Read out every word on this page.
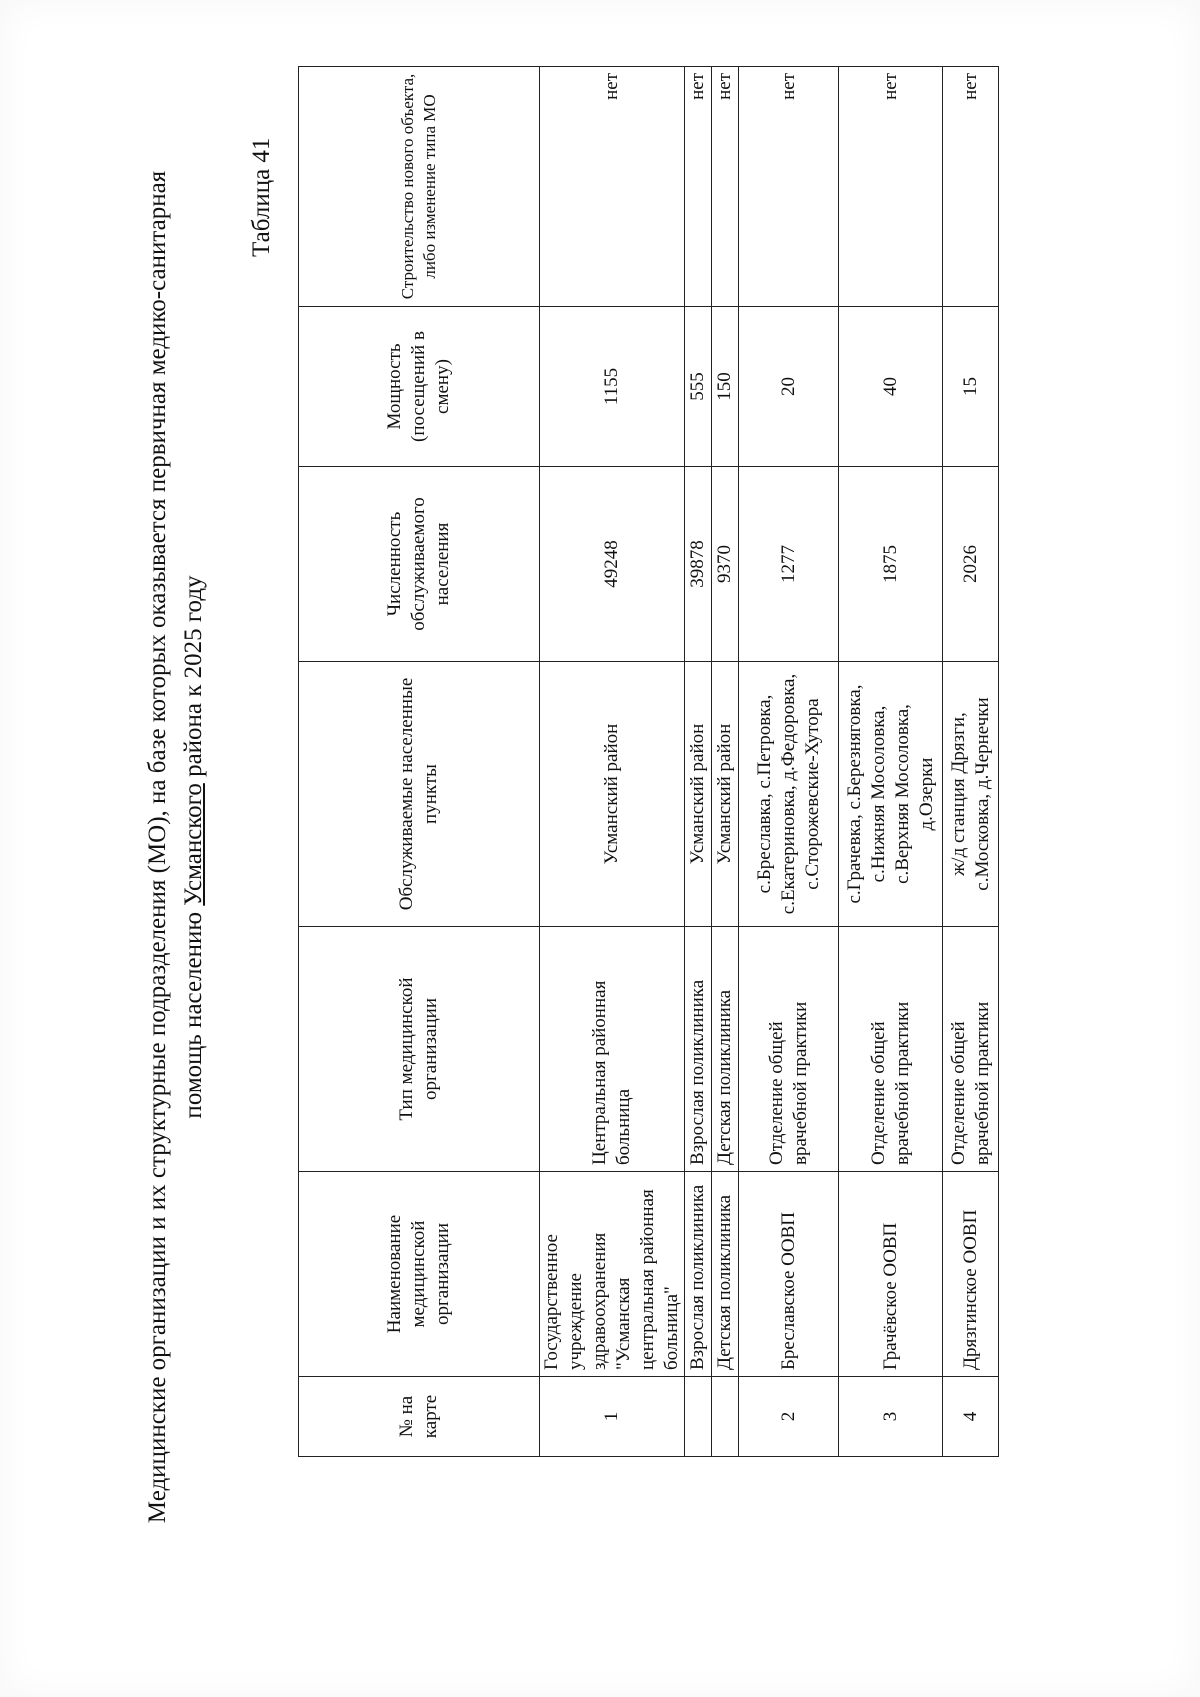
Медицинские организации и их структурные подразделения (МО), на базе которых оказывается первичная медико-санитарная помощь населению Усманского района к 2025 году
Таблица 41
№ на карте	Наименование медицинской организации	Тип медицинской организации	Обслуживаемые населенные пункты	Численность обслуживаемого населения	Мощность (посещений в смену)	Строительство нового объекта, либо изменение типа МО
1	Государственное учреждение здравоохранения "Усманская центральная районная больница"	Центральная районная больница	Усманский район	49248	1155	нет
	Взрослая поликлиника	Взрослая поликлиника	Усманский район	39878	555	нет
	Детская поликлиника	Детская поликлиника	Усманский район	9370	150	нет
2	Бреславское ООВП	Отделение общей врачебной практики	с.Бреславка, с.Петровка, с.Екатериновка, д.Федоровка, с.Сторожевские-Хутора	1277	20	нет
3	Грачёвское ООВП	Отделение общей врачебной практики	с.Грачевка, с.Березняговка, с.Нижняя Мосоловка, с.Верхняя Мосоловка, д.Озерки	1875	40	нет
4	Дрязгинское ООВП	Отделение общей врачебной практики	ж/д станция Дрязги, с.Московка, д.Чернечки	2026	15	нет
